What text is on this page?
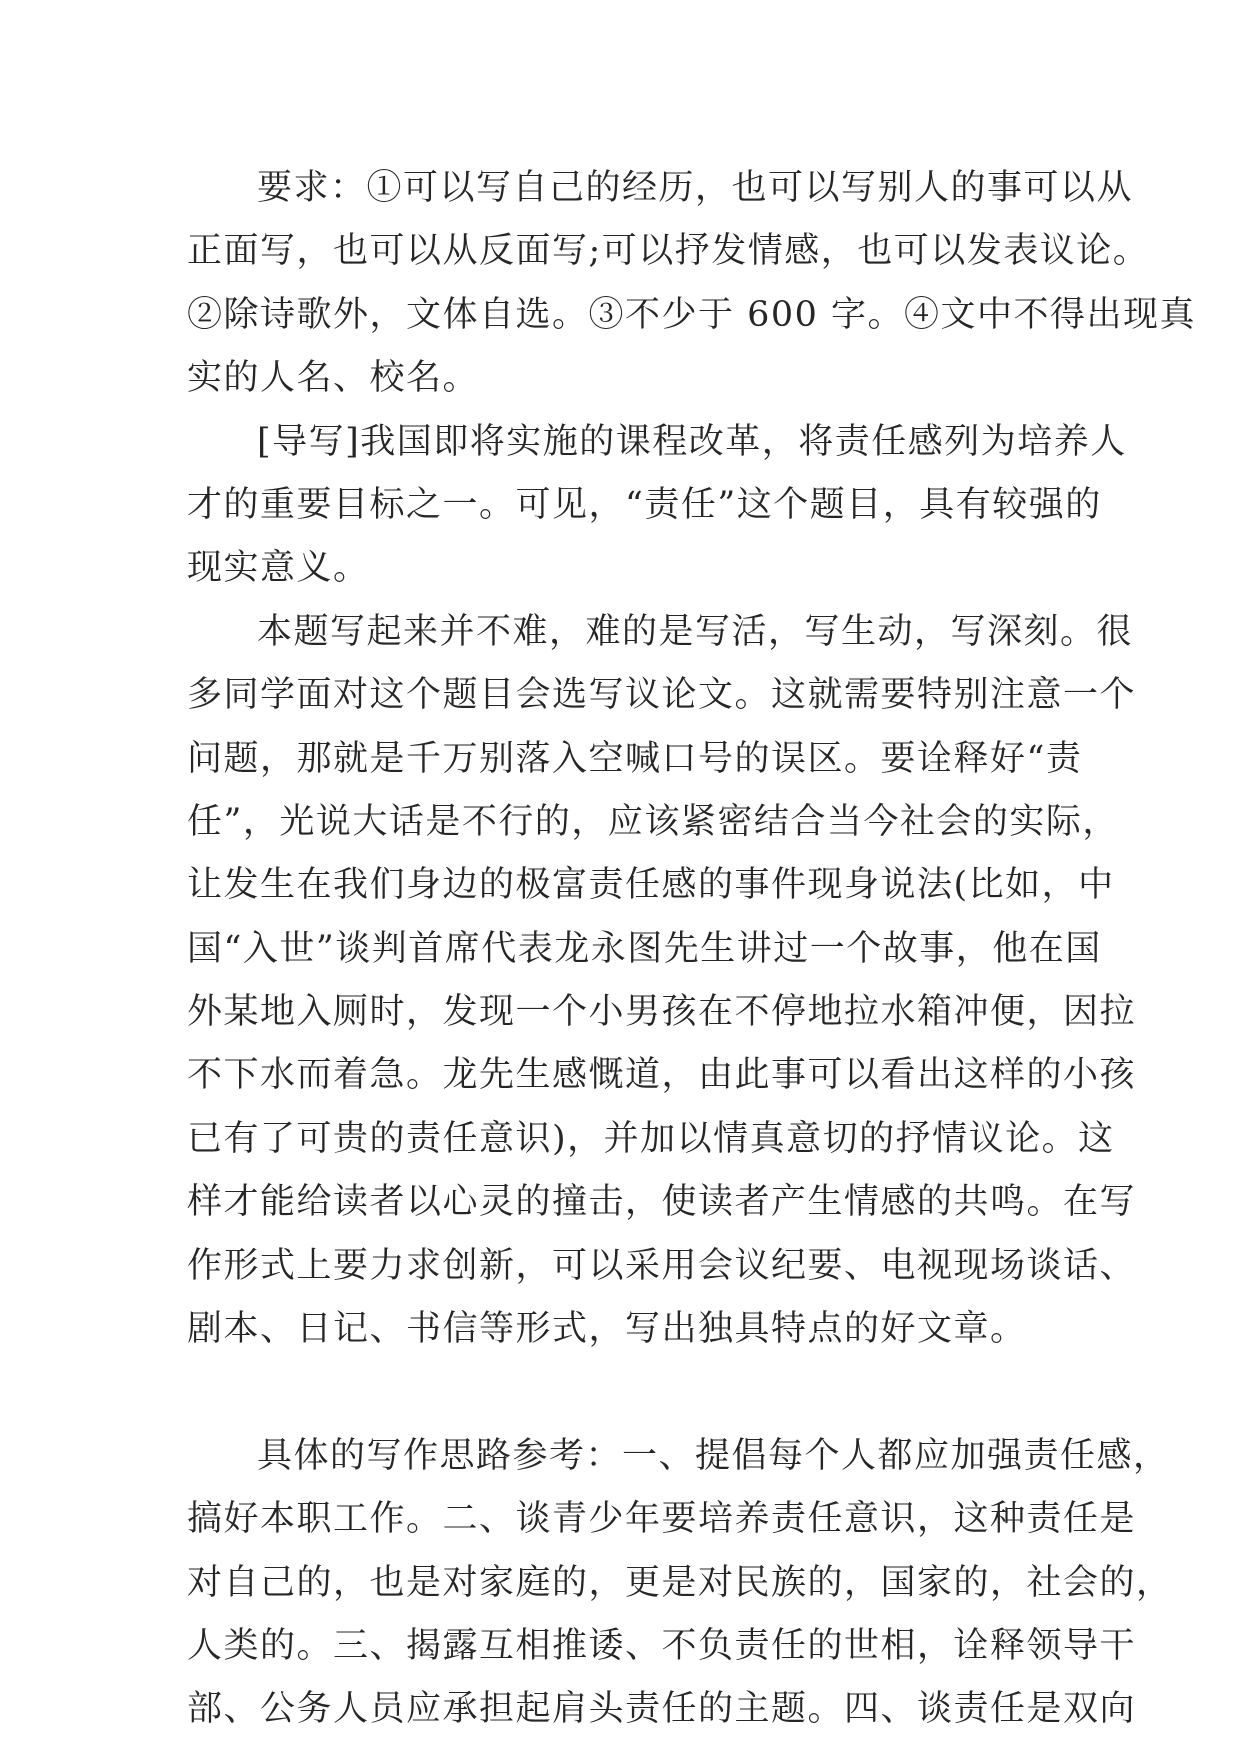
要求：①可以写自己的经历，也可以写别人的事可以从
正面写，也可以从反面写;可以抒发情感，也可以发表议论。
②除诗歌外，文体自选。③不少于 600 字。④文中不得出现真
实的人名、校名。
[导写]我国即将实施的课程改革，将责任感列为培养人
才的重要目标之一。可见，“责任”这个题目，具有较强的
现实意义。
本题写起来并不难，难的是写活，写生动，写深刻。很
多同学面对这个题目会选写议论文。这就需要特别注意一个
问题，那就是千万别落入空喊口号的误区。要诠释好“责
任”，光说大话是不行的，应该紧密结合当今社会的实际，
让发生在我们身边的极富责任感的事件现身说法(比如，中
国“入世”谈判首席代表龙永图先生讲过一个故事，他在国
外某地入厕时，发现一个小男孩在不停地拉水箱冲便，因拉
不下水而着急。龙先生感慨道，由此事可以看出这样的小孩
已有了可贵的责任意识)，并加以情真意切的抒情议论。这
样才能给读者以心灵的撞击，使读者产生情感的共鸣。在写
作形式上要力求创新，可以采用会议纪要、电视现场谈话、
剧本、日记、书信等形式，写出独具特点的好文章。
具体的写作思路参考：一、提倡每个人都应加强责任感，
搞好本职工作。二、谈青少年要培养责任意识，这种责任是
对自己的，也是对家庭的，更是对民族的，国家的，社会的，
人类的。三、揭露互相推诿、不负责任的世相，诠释领导干
部、公务人员应承担起肩头责任的主题。四、谈责任是双向
